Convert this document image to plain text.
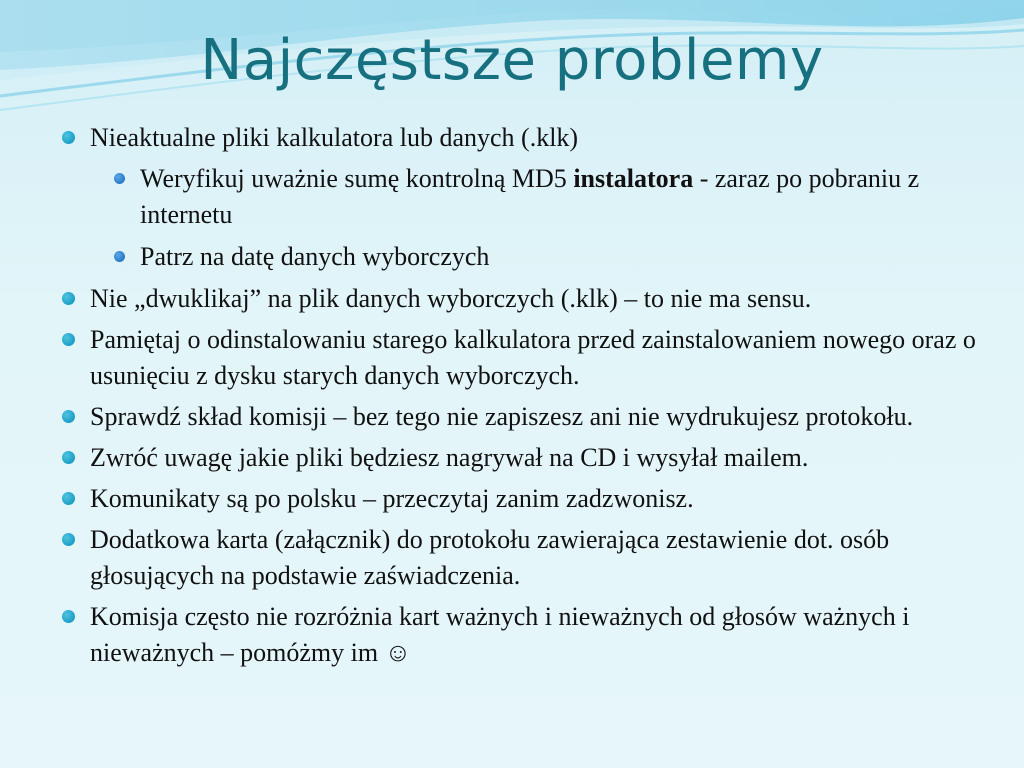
Najczęstsze problemy
Nieaktualne pliki kalkulatora lub danych (.klk)
Weryfikuj uważnie sumę kontrolną MD5 instalatora - zaraz po pobraniu z internetu
Patrz na datę danych wyborczych
Nie „dwuklikaj” na plik danych wyborczych (.klk) – to nie ma sensu.
Pamiętaj o odinstalowaniu starego kalkulatora przed zainstalowaniem nowego oraz o usunięciu z dysku starych danych wyborczych.
Sprawdź skład komisji – bez tego nie zapiszesz ani nie wydrukujesz protokołu.
Zwróć uwagę jakie pliki będziesz nagrywał na CD i wysyłał mailem.
Komunikaty są po polsku – przeczytaj zanim zadzwonisz.
Dodatkowa karta (załącznik) do protokołu zawierająca zestawienie dot. osób głosujących na podstawie zaświadczenia.
Komisja często nie rozróżnia kart ważnych i nieważnych od głosów ważnych i nieważnych – pomóżmy im ☺
